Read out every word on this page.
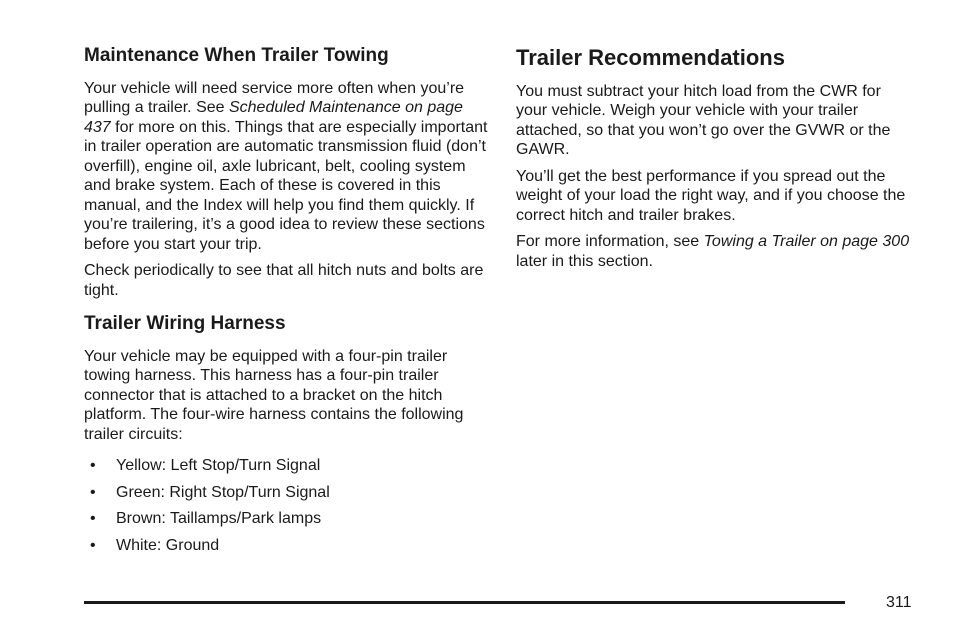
Maintenance When Trailer Towing

Your vehicle will need service more often when you’re pulling a trailer. See Scheduled Maintenance on page 437 for more on this. Things that are especially important in trailer operation are automatic transmission fluid (don’t overfill), engine oil, axle lubricant, belt, cooling system and brake system. Each of these is covered in this manual, and the Index will help you find them quickly. If you’re trailering, it’s a good idea to review these sections before you start your trip.

Check periodically to see that all hitch nuts and bolts are tight.

Trailer Wiring Harness

Your vehicle may be equipped with a four-pin trailer towing harness. This harness has a four-pin trailer connector that is attached to a bracket on the hitch platform. The four-wire harness contains the following trailer circuits:

• Yellow: Left Stop/Turn Signal
• Green: Right Stop/Turn Signal
• Brown: Taillamps/Park lamps
• White: Ground
Trailer Recommendations

You must subtract your hitch load from the CWR for your vehicle. Weigh your vehicle with your trailer attached, so that you won’t go over the GVWR or the GAWR.

You’ll get the best performance if you spread out the weight of your load the right way, and if you choose the correct hitch and trailer brakes.

For more information, see Towing a Trailer on page 300 later in this section.

311
